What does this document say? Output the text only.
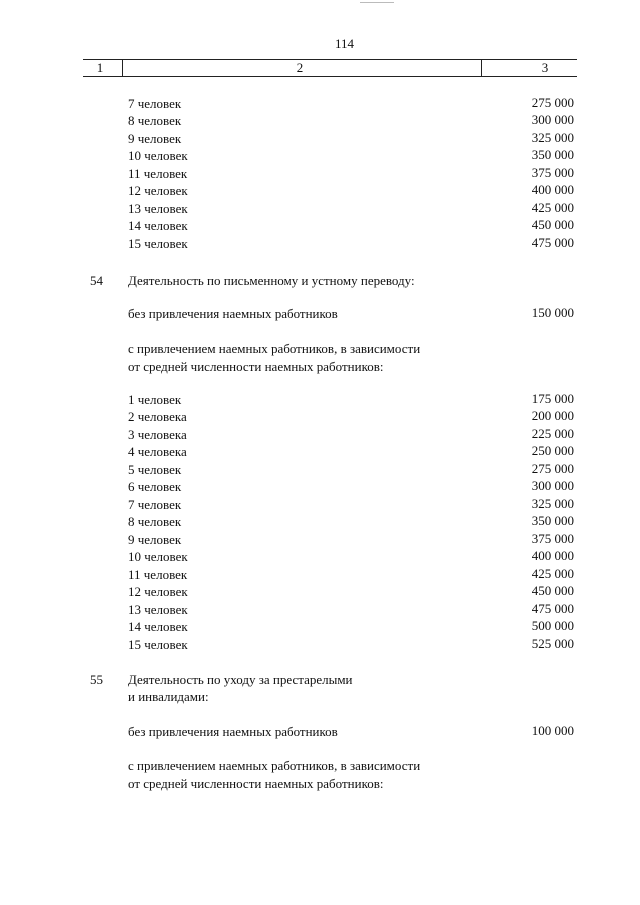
114
1	2	3
7 человек	275 000
8 человек	300 000
9 человек	325 000
10 человек	350 000
11 человек	375 000
12 человек	400 000
13 человек	425 000
14 человек	450 000
15 человек	475 000
54 Деятельность по письменному и устному переводу:
без привлечения наемных работников	150 000
с привлечением наемных работников, в зависимости
от средней численности наемных работников:
1 человек	175 000
2 человека	200 000
3 человека	225 000
4 человека	250 000
5 человек	275 000
6 человек	300 000
7 человек	325 000
8 человек	350 000
9 человек	375 000
10 человек	400 000
11 человек	425 000
12 человек	450 000
13 человек	475 000
14 человек	500 000
15 человек	525 000
55 Деятельность по уходу за престарелыми
и инвалидами:
без привлечения наемных работников	100 000
с привлечением наемных работников, в зависимости
от средней численности наемных работников:
